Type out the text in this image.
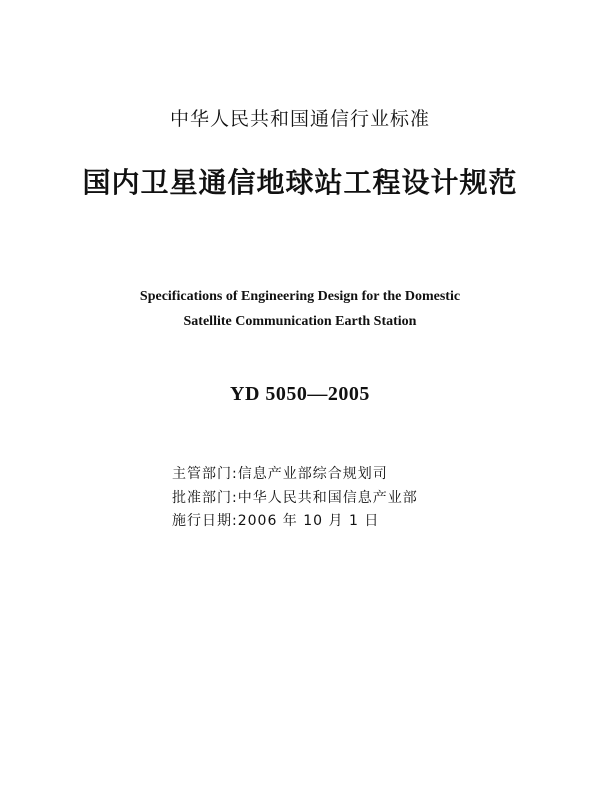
中华人民共和国通信行业标准
国内卫星通信地球站工程设计规范
Specifications of Engineering Design for the Domestic
Satellite Communication Earth Station
YD 5050—2005
主管部门:信息产业部综合规划司
批准部门:中华人民共和国信息产业部
施行日期:2006 年 10 月 1 日
